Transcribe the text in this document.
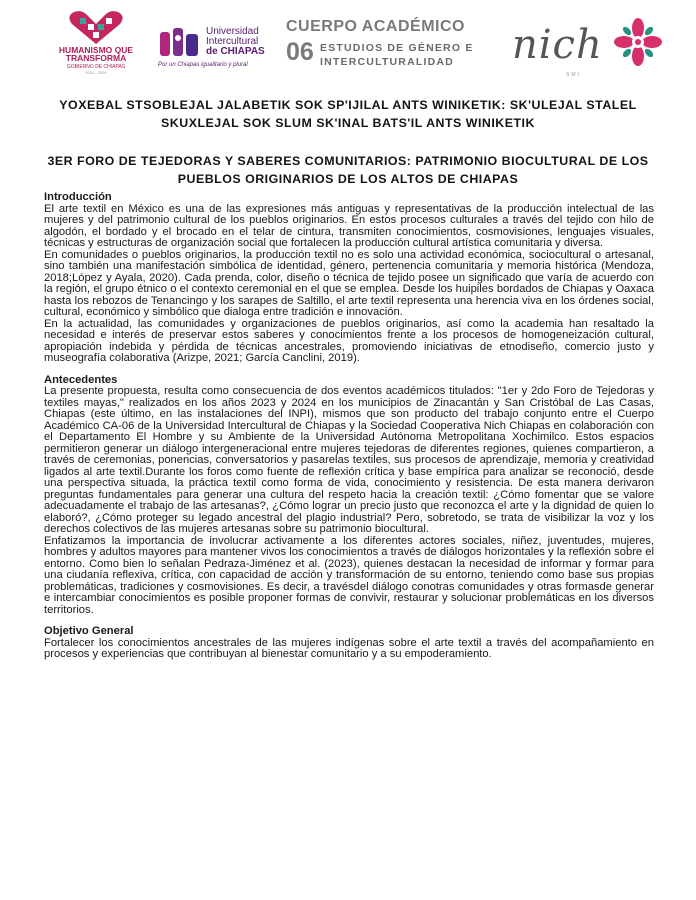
HUMANISMO QUE
TRANSFORMA
GOBIERNO DE CHIAPAS
2024 - 2030
Universidad
Intercultural
de CHIAPAS
Por un Chiapas igualitario y plural
CUERPO ACADÉMICO
06 ESTUDIOS DE GÉNERO E
INTERCULTURALIDAD nich
SMI
YOXEBAL STSOBLEJAL JALABETIK SOK SP'IJILAL ANTS WINIKETIK: SK'ULEJAL STALEL SKUXLEJAL SOK SLUM SK'INAL BATS'IL ANTS WINIKETIK
3ER FORO DE TEJEDORAS Y SABERES COMUNITARIOS: PATRIMONIO BIOCULTURAL DE LOS PUEBLOS ORIGINARIOS DE LOS ALTOS DE CHIAPAS

Introducción

El arte textil en México es una de las expresiones más antiguas y representativas de la producción intelectual de las mujeres y del patrimonio cultural de los pueblos originarios. En estos procesos culturales a través del tejido con hilo de algodón, el bordado y el brocado en el telar de cintura, transmiten conocimientos, cosmovisiones, lenguajes visuales, técnicas y estructuras de organización social que fortalecen la producción cultural artística comunitaria y diversa.

En comunidades o pueblos originarios, la producción textil no es solo una actividad económica, sociocultural o artesanal, sino también una manifestación simbólica de identidad, género, pertenencia comunitaria y memoria histórica (Mendoza, 2018;López y Ayala, 2020). Cada prenda, color, diseño o técnica de tejido posee un significado que varía de acuerdo con la región, el grupo étnico o el contexto ceremonial en el que se emplea. Desde los huipiles bordados de Chiapas y Oaxaca hasta los rebozos de Tenancingo y los sarapes de Saltillo, el arte textil representa una herencia viva en los órdenes social, cultural, económico y simbólico que dialoga entre tradición e innovación.

En la actualidad, las comunidades y organizaciones de pueblos originarios, así como la academia han resaltado la necesidad e interés de preservar estos saberes y conocimientos frente a los procesos de homogeneización cultural, apropiación indebida y pérdida de técnicas ancestrales, promoviendo iniciativas de etnodiseño, comercio justo y museografía colaborativa (Arizpe, 2021; García Canclini, 2019).

Antecedentes

La presente propuesta, resulta como consecuencia de dos eventos académicos titulados: "1er y 2do Foro de Tejedoras y textiles mayas," realizados en los años 2023 y 2024 en los municipios de Zinacantán y San Cristóbal de Las Casas, Chiapas (este último, en las instalaciones del INPI), mismos que son producto del trabajo conjunto entre el Cuerpo Académico CA-06 de la Universidad Intercultural de Chiapas y la Sociedad Cooperativa Nich Chiapas en colaboración con el Departamento El Hombre y su Ambiente de la Universidad Autónoma Metropolitana Xochimilco. Estos espacios permitieron generar un diálogo intergeneracional entre mujeres tejedoras de diferentes regiones, quienes compartieron, a través de ceremonias, ponencias, conversatorios y pasarelas textiles, sus procesos de aprendizaje, memoria y creatividad ligados al arte textil.Durante los foros como fuente de reflexión crítica y base empírica para analizar se reconoció, desde una perspectiva situada, la práctica textil como forma de vida, conocimiento y resistencia. De esta manera derivaron preguntas fundamentales para generar una cultura del respeto hacia la creación textil: ¿Cómo fomentar que se valore adecuadamente el trabajo de las artesanas?, ¿Cómo lograr un precio justo que reconozca el arte y la dignidad de quien lo elaboró?, ¿Cómo proteger su legado ancestral del plagio industrial? Pero, sobretodo, se trata de visibilizar la voz y los derechos colectivos de las mujeres artesanas sobre su patrimonio biocultural.

Enfatizamos la importancia de involucrar activamente a los diferentes actores sociales, niñez, juventudes, mujeres, hombres y adultos mayores para mantener vivos los conocimientos a través de diálogos horizontales y la reflexión sobre el entorno. Como bien lo señalan Pedraza-Jiménez et al. (2023), quienes destacan la necesidad de informar y formar para una ciudanía reflexiva, crítica, con capacidad de acción y transformación de su entorno, teniendo como base sus propias problemáticas, tradiciones y cosmovisiones. Es decir, a travésdel diálogo conotras comunidades y otras formasde generar e intercambiar conocimientos es posible proponer formas de convivir, restaurar y solucionar problemáticas en los diversos territorios.

Objetivo General

Fortalecer los conocimientos ancestrales de las mujeres indígenas sobre el arte textil a través del acompañamiento en procesos y experiencias que contribuyan al bienestar comunitario y a su empoderamiento.
